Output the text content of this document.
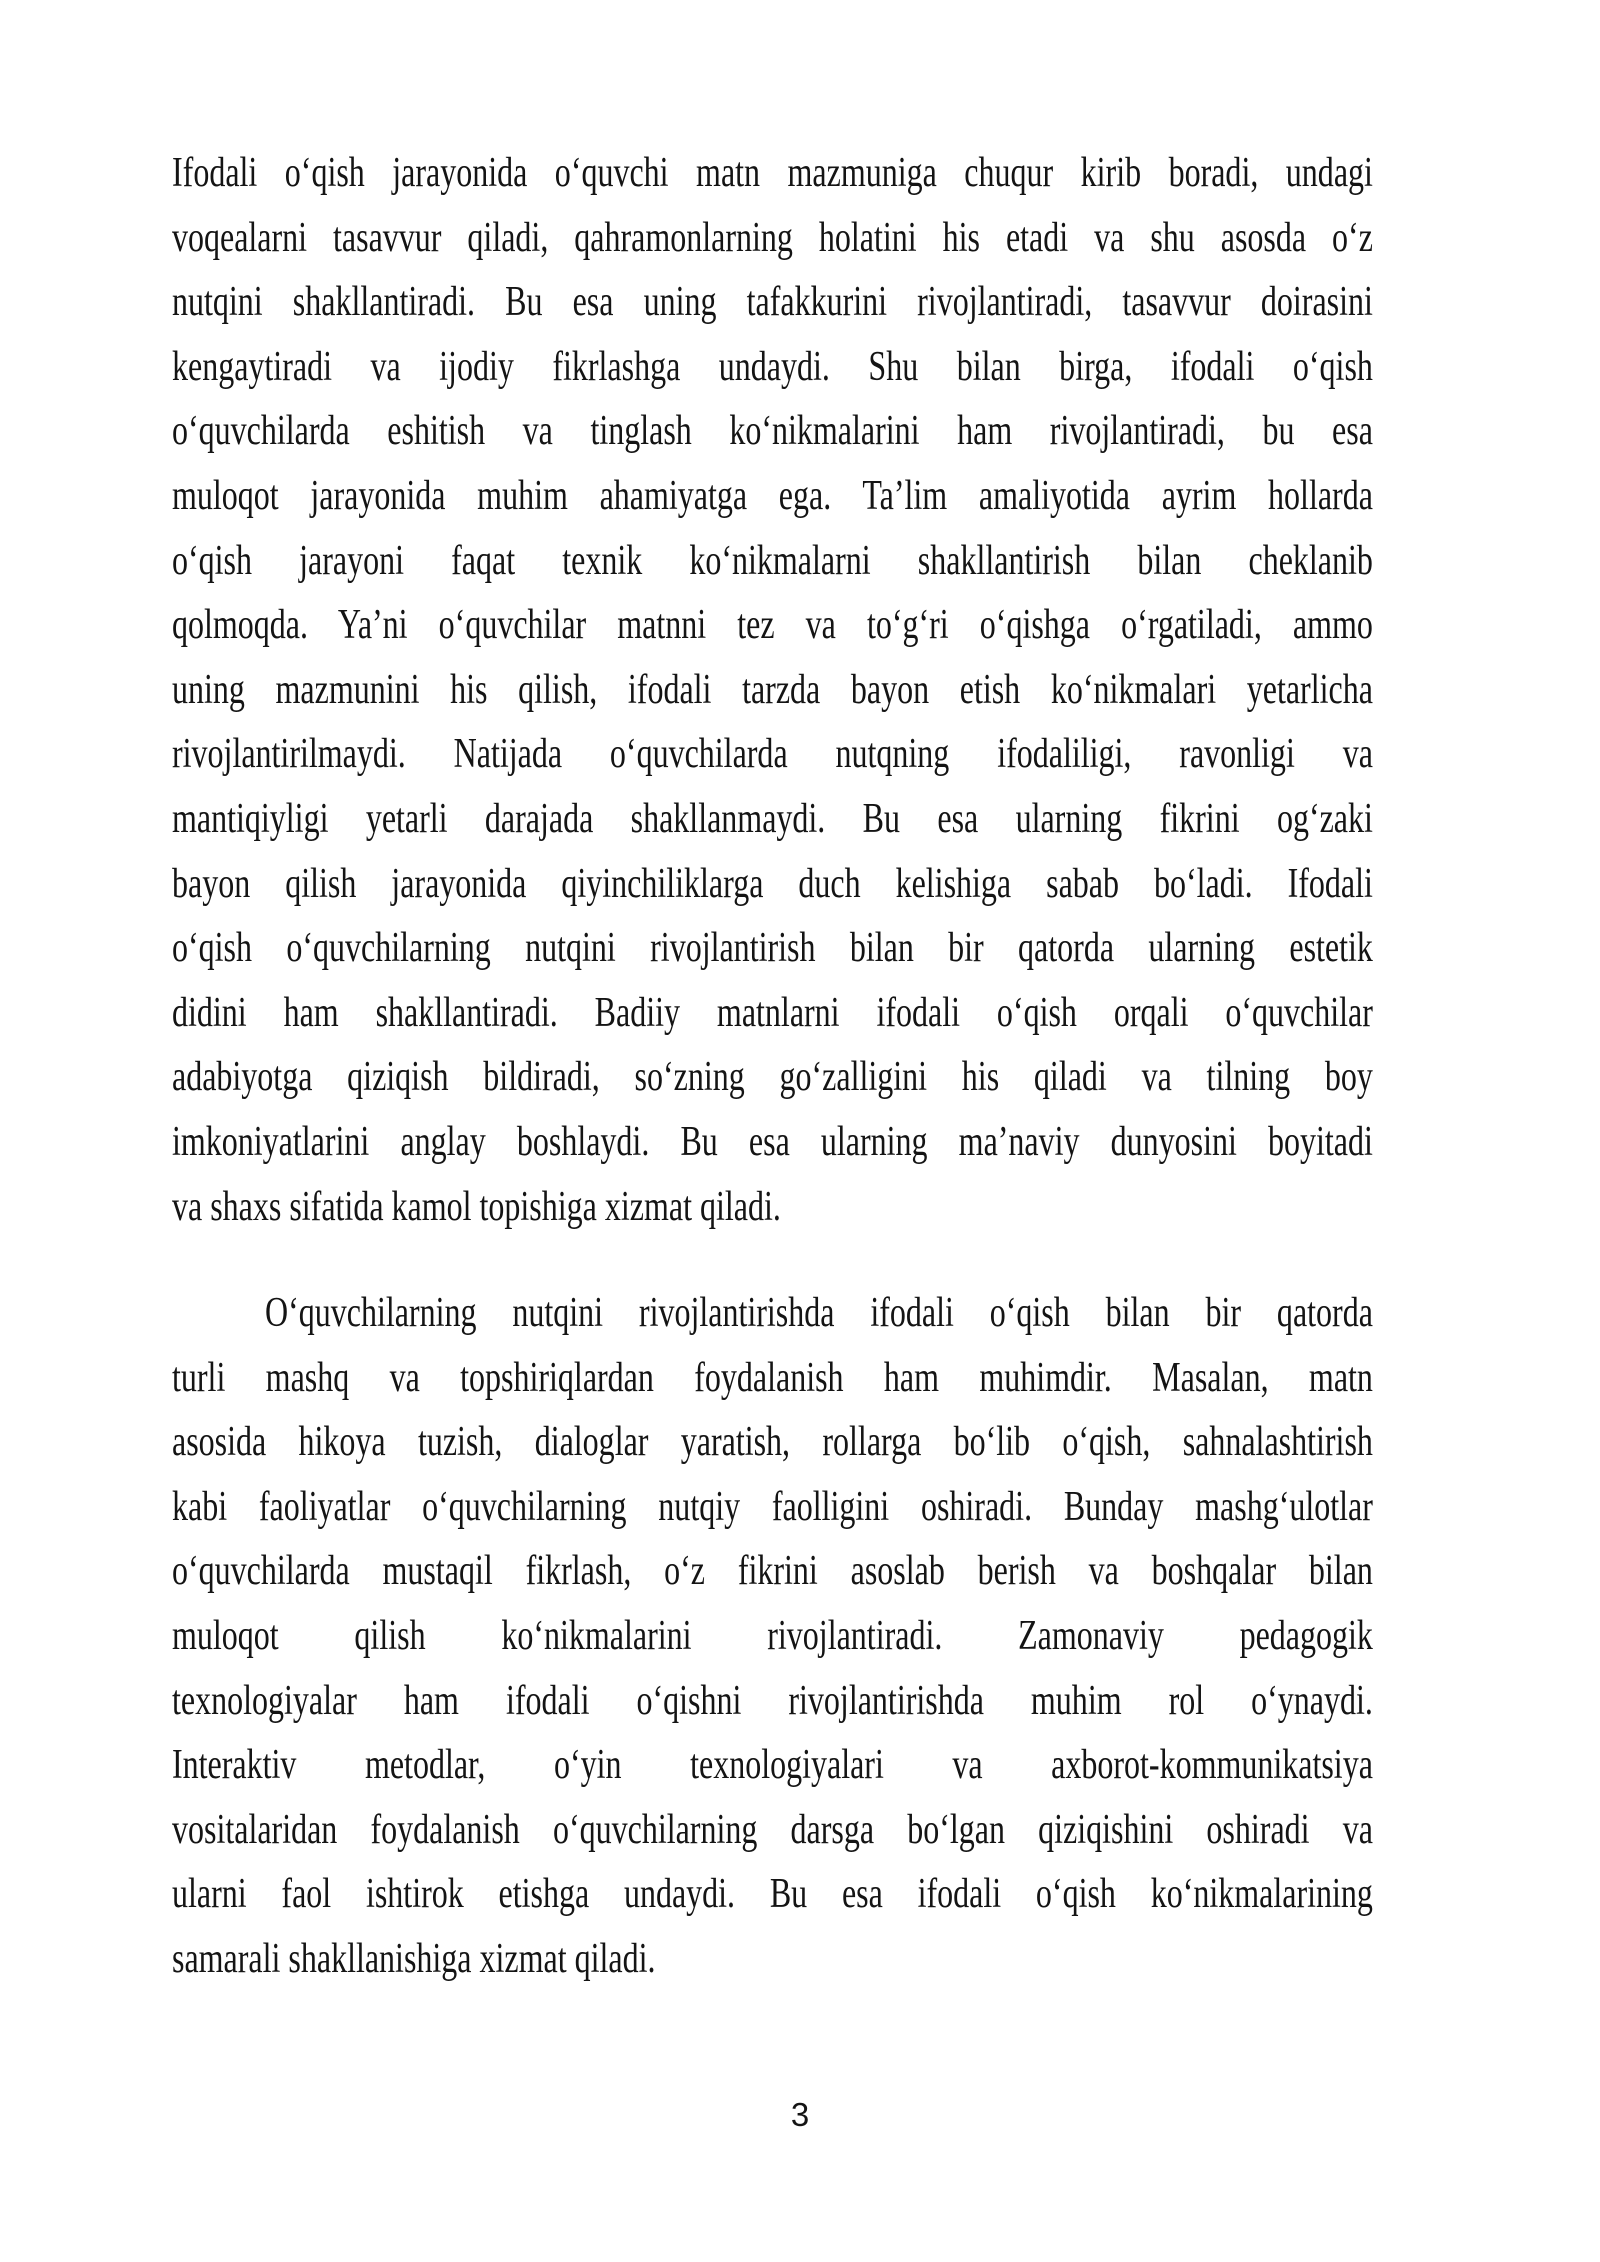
Ifodali o‘qish jarayonida o‘quvchi matn mazmuniga chuqur kirib boradi, undagi
voqealarni tasavvur qiladi, qahramonlarning holatini his etadi va shu asosda o‘z
nutqini shakllantiradi. Bu esa uning tafakkurini rivojlantiradi, tasavvur doirasini
kengaytiradi va ijodiy fikrlashga undaydi. Shu bilan birga, ifodali o‘qish
o‘quvchilarda eshitish va tinglash ko‘nikmalarini ham rivojlantiradi, bu esa
muloqot jarayonida muhim ahamiyatga ega. Ta’lim amaliyotida ayrim hollarda
o‘qish jarayoni faqat texnik ko‘nikmalarni shakllantirish bilan cheklanib
qolmoqda. Ya’ni o‘quvchilar matnni tez va to‘g‘ri o‘qishga o‘rgatiladi, ammo
uning mazmunini his qilish, ifodali tarzda bayon etish ko‘nikmalari yetarlicha
rivojlantirilmaydi. Natijada o‘quvchilarda nutqning ifodaliligi, ravonligi va
mantiqiyligi yetarli darajada shakllanmaydi. Bu esa ularning fikrini og‘zaki
bayon qilish jarayonida qiyinchiliklarga duch kelishiga sabab bo‘ladi. Ifodali
o‘qish o‘quvchilarning nutqini rivojlantirish bilan bir qatorda ularning estetik
didini ham shakllantiradi. Badiiy matnlarni ifodali o‘qish orqali o‘quvchilar
adabiyotga qiziqish bildiradi, so‘zning go‘zalligini his qiladi va tilning boy
imkoniyatlarini anglay boshlaydi. Bu esa ularning ma’naviy dunyosini boyitadi
va shaxs sifatida kamol topishiga xizmat qiladi.
O‘quvchilarning nutqini rivojlantirishda ifodali o‘qish bilan bir qatorda
turli mashq va topshiriqlardan foydalanish ham muhimdir. Masalan, matn
asosida hikoya tuzish, dialoglar yaratish, rollarga bo‘lib o‘qish, sahnalashtirish
kabi faoliyatlar o‘quvchilarning nutqiy faolligini oshiradi. Bunday mashg‘ulotlar
o‘quvchilarda mustaqil fikrlash, o‘z fikrini asoslab berish va boshqalar bilan
muloqot qilish ko‘nikmalarini rivojlantiradi. Zamonaviy pedagogik
texnologiyalar ham ifodali o‘qishni rivojlantirishda muhim rol o‘ynaydi.
Interaktiv metodlar, o‘yin texnologiyalari va axborot-kommunikatsiya
vositalaridan foydalanish o‘quvchilarning darsga bo‘lgan qiziqishini oshiradi va
ularni faol ishtirok etishga undaydi. Bu esa ifodali o‘qish ko‘nikmalarining
samarali shakllanishiga xizmat qiladi.
3
